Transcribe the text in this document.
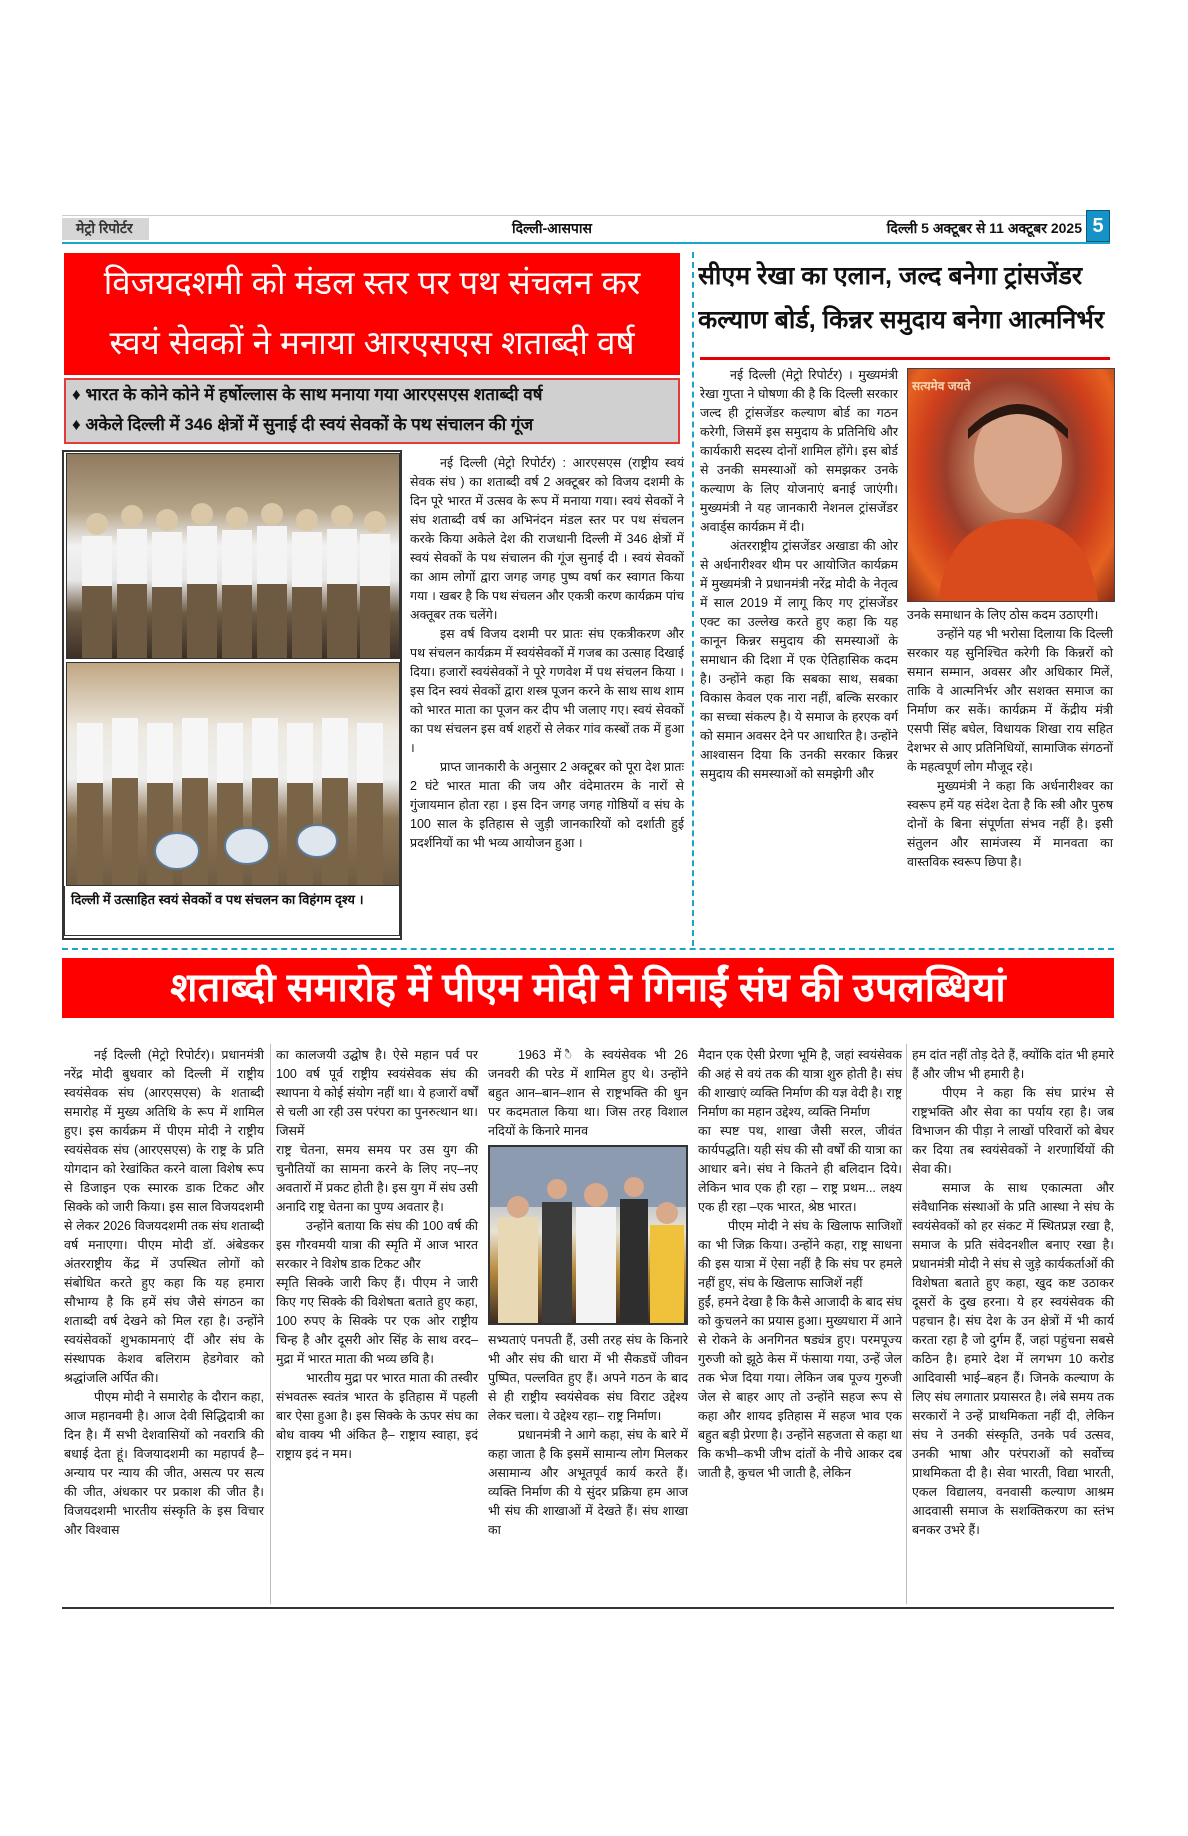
मेट्रो रिपोर्टर	दिल्ली-आसपास	दिल्ली 5 अक्टूबर से 11 अक्टूबर 2025 5
विजयदशमी को मंडल स्तर पर पथ संचलन कर
स्वयं सेवकों ने मनाया आरएसएस शताब्दी वर्ष
♦ भारत के कोने कोने में हर्षोल्लास के साथ मनाया गया आरएसएस शताब्दी वर्ष
♦ अकेले दिल्ली में 346 क्षेत्रों में सुनाई दी स्वयं सेवकों के पथ संचालन की गूंज
दिल्ली में उत्साहित स्वयं सेवकों व पथ संचलन का विहंगम दृश्य ।

नई दिल्ली (मेट्रो रिपोर्टर) : आरएसएस (राष्ट्रीय स्वयं सेवक संघ ) का शताब्दी वर्ष 2 अक्टूबर को विजय दशमी के दिन पूरे भारत में उत्सव के रूप में मनाया गया। स्वयं सेवकों ने संघ शताब्दी वर्ष का अभिनंदन मंडल स्तर पर पथ संचलन करके किया अकेले देश की राजधानी दिल्ली में 346 क्षेत्रों में स्वयं सेवकों के पथ संचालन की गूंज सुनाई दी । स्वयं सेवकों का आम लोगों द्वारा जगह जगह पुष्प वर्षा कर स्वागत किया गया । खबर है कि पथ संचलन और एकत्री करण कार्यक्रम पांच अक्तूबर तक चलेंगे।

इस वर्ष विजय दशमी पर प्रातः संघ एकत्रीकरण और पथ संचलन कार्यक्रम में स्वयंसेवकों में गजब का उत्साह दिखाई दिया। हजारों स्वयंसेवकों ने पूरे गणवेश में पथ संचलन किया । इस दिन स्वयं सेवकों द्वारा शस्त्र पूजन करने के साथ साथ शाम को भारत माता का पूजन कर दीप भी जलाए गए। स्वयं सेवकों का पथ संचलन इस वर्ष शहरों से लेकर गांव कस्बों तक में हुआ ।

प्राप्त जानकारी के अनुसार 2 अक्टूबर को पूरा देश प्रातः 2 घंटे भारत माता की जय और वंदेमातरम के नारों से गुंजायमान होता रहा । इस दिन जगह जगह गोष्ठियों व संघ के 100 साल के इतिहास से जुड़ी जानकारियों को दर्शाती हुई प्रदर्शनियों का भी भव्य आयोजन हुआ ।

सीएम रेखा का एलान, जल्द बनेगा ट्रांसजेंडर
कल्याण बोर्ड, किन्नर समुदाय बनेगा आत्मनिर्भर

नई दिल्ली (मेट्रो रिपोर्टर) । मुख्यमंत्री रेखा गुप्ता ने घोषणा की है कि दिल्ली सरकार जल्द ही ट्रांसजेंडर कल्याण बोर्ड का गठन करेगी, जिसमें इस समुदाय के प्रतिनिधि और कार्यकारी सदस्य दोनों शामिल होंगे। इस बोर्ड से उनकी समस्याओं को समझकर उनके कल्याण के लिए योजनाएं बनाई जाएंगी। मुख्यमंत्री ने यह जानकारी नेशनल ट्रांसजेंडर अवार्ड्स कार्यक्रम में दी।

अंतरराष्ट्रीय ट्रांसजेंडर अखाडा की ओर से अर्धनारीश्वर थीम पर आयोजित कार्यक्रम में मुख्यमंत्री ने प्रधानमंत्री नरेंद्र मोदी के नेतृत्व में साल 2019 में लागू किए गए ट्रांसजेंडर एक्ट का उल्लेख करते हुए कहा कि यह कानून किन्नर समुदाय की समस्याओं के समाधान की दिशा में एक ऐतिहासिक कदम है। उन्होंने कहा कि सबका साथ, सबका विकास केवल एक नारा नहीं, बल्कि सरकार का सच्चा संकल्प है। ये समाज के हरएक वर्ग को समान अवसर देने पर आधारित है। उन्होंने आश्वासन दिया कि उनकी सरकार किन्नर समुदाय की समस्याओं को समझेगी और

सत्यमेव जयते

उनके समाधान के लिए ठोस कदम उठाएगी।

उन्होंने यह भी भरोसा दिलाया कि दिल्ली सरकार यह सुनिश्चित करेगी कि किन्नरों को समान सम्मान, अवसर और अधिकार मिलें, ताकि वे आत्मनिर्भर और सशक्त समाज का निर्माण कर सकें। कार्यक्रम में केंद्रीय मंत्री एसपी सिंह बघेल, विधायक शिखा राय सहित देशभर से आए प्रतिनिधियों, सामाजिक संगठनों के महत्वपूर्ण लोग मौजूद रहे।

मुख्यमंत्री ने कहा कि अर्धनारीश्वर का स्वरूप हमें यह संदेश देता है कि स्त्री और पुरुष दोनों के बिना संपूर्णता संभव नहीं है। इसी संतुलन और सामंजस्य में मानवता का वास्तविक स्वरूप छिपा है।

शताब्दी समारोह में पीएम मोदी ने गिनाईं संघ की उपलब्धियां

नई दिल्ली (मेट्रो रिपोर्टर)। प्रधानमंत्री नरेंद्र मोदी बुधवार को दिल्ली में राष्ट्रीय स्वयंसेवक संघ (आरएसएस) के शताब्दी समारोह में मुख्य अतिथि के रूप में शामिल हुए। इस कार्यक्रम में पीएम मोदी ने राष्ट्रीय स्वयंसेवक संघ (आरएसएस) के राष्ट्र के प्रति योगदान को रेखांकित करने वाला विशेष रूप से डिजाइन एक स्मारक डाक टिकट और सिक्के को जारी किया। इस साल विजयदशमी से लेकर 2026 विजयदशमी तक संघ शताब्दी वर्ष मनाएगा। पीएम मोदी डॉ. अंबेडकर अंतरराष्ट्रीय केंद्र में उपस्थित लोगों को संबोधित करते हुए कहा कि यह हमारा सौभाग्य है कि हमें संघ जैसे संगठन का शताब्दी वर्ष देखने को मिल रहा है। उन्होंने स्वयंसेवकों शुभकामनाएं दीं और संघ के संस्थापक केशव बलिराम हेडगेवार को श्रद्धांजलि अर्पित की।

पीएम मोदी ने समारोह के दौरान कहा, आज महानवमी है। आज देवी सिद्धिदात्री का दिन है। मैं सभी देशवासियों को नवरात्रि की बधाई देता हूं। विजयादशमी का महापर्व है– अन्याय पर न्याय की जीत, असत्य पर सत्य की जीत, अंधकार पर प्रकाश की जीत है। विजयदशमी भारतीय संस्कृति के इस विचार और विश्वास

का कालजयी उद्घोष है। ऐसे महान पर्व पर 100 वर्ष पूर्व राष्ट्रीय स्वयंसेवक संघ की स्थापना ये कोई संयोग नहीं था। ये हजारों वर्षों से चली आ रही उस परंपरा का पुनरुत्थान था। जिसमें

राष्ट्र चेतना, समय समय पर उस युग की चुनौतियों का सामना करने के लिए नए–नए अवतारों में प्रकट होती है। इस युग में संघ उसी अनादि राष्ट्र चेतना का पुण्य अवतार है।

उन्होंने बताया कि संघ की 100 वर्ष की इस गौरवमयी यात्रा की स्मृति में आज भारत सरकार ने विशेष डाक टिकट और

स्मृति सिक्के जारी किए हैं। पीएम ने जारी किए गए सिक्के की विशेषता बताते हुए कहा, 100 रुपए के सिक्के पर एक ओर राष्ट्रीय चिन्ह है और दूसरी ओर सिंह के साथ वरद–मुद्रा में भारत माता की भव्य छवि है।

भारतीय मुद्रा पर भारत माता की तस्वीर संभवतरू स्वतंत्र भारत के इतिहास में पहली बार ऐसा हुआ है। इस सिक्के के ऊपर संघ का बोध वाक्य भी अंकित है– राष्ट्राय स्वाहा, इदं राष्ट्राय इदं न मम।

1963 में ै के स्वयंसेवक भी 26 जनवरी की परेड में शामिल हुए थे। उन्होंने बहुत आन–बान–शान से राष्ट्रभक्ति की धुन पर कदमताल किया था। जिस तरह विशाल नदियों के किनारे मानव

सभ्यताएं पनपती हैं, उसी तरह संघ के किनारे भी और संघ की धारा में भी सैकडघें जीवन पुष्पित, पल्लवित हुए हैं। अपने गठन के बाद से ही राष्ट्रीय स्वयंसेवक संघ विराट उद्देश्य लेकर चला। ये उद्देश्य रहा– राष्ट्र निर्माण।

प्रधानमंत्री ने आगे कहा, संघ के बारे में कहा जाता है कि इसमें सामान्य लोग मिलकर असामान्य और अभूतपूर्व कार्य करते हैं। व्यक्ति निर्माण की ये सुंदर प्रक्रिया हम आज भी संघ की शाखाओं में देखते हैं। संघ शाखा का

मैदान एक ऐसी प्रेरणा भूमि है, जहां स्वयंसेवक की अहं से वयं तक की यात्रा शुरु होती है। संघ की शाखाएं व्यक्ति निर्माण की यज्ञ वेदी है। राष्ट्र निर्माण का महान उद्देश्य, व्यक्ति निर्माण

का स्पष्ट पथ, शाखा जैसी सरल, जीवंत कार्यपद्धति। यही संघ की सौ वर्षों की यात्रा का आधार बने। संघ ने कितने ही बलिदान दिये। लेकिन भाव एक ही रहा – राष्ट्र प्रथम... लक्ष्य एक ही रहा –एक भारत, श्रेष्ठ भारत।

पीएम मोदी ने संघ के खिलाफ साजिशों का भी जिक्र किया। उन्होंने कहा, राष्ट्र साधना की इस यात्रा में ऐसा नहीं है कि संघ पर हमले नहीं हुए, संघ के खिलाफ साजिशें नहीं

हुईं, हमने देखा है कि कैसे आजादी के बाद संघ को कुचलने का प्रयास हुआ। मुख्यधारा में आने से रोकने के अनगिनत षड्यंत्र हुए। परमपूज्य गुरुजी को झूठे केस में फंसाया गया, उन्हें जेल तक भेज दिया गया। लेकिन जब पूज्य गुरुजी जेल से बाहर आए तो उन्होंने सहज रूप से कहा और शायद इतिहास में सहज भाव एक बहुत बड़ी प्रेरणा है। उन्होंने सहजता से कहा था कि कभी–कभी जीभ दांतों के नीचे आकर दब जाती है, कुचल भी जाती है, लेकिन

हम दांत नहीं तोड़ देते हैं, क्योंकि दांत भी हमारे हैं और जीभ भी हमारी है।

पीएम ने कहा कि संघ प्रारंभ से राष्ट्रभक्ति और सेवा का पर्याय रहा है। जब विभाजन की पीड़ा ने लाखों परिवारों को बेघर कर दिया तब स्वयंसेवकों ने शरणार्थियों की सेवा की।

समाज के साथ एकात्मता और संवैधानिक संस्थाओं के प्रति आस्था ने संघ के स्वयंसेवकों को हर संकट में स्थितप्रज्ञ रखा है, समाज के प्रति संवेदनशील बनाए रखा है। प्रधानमंत्री मोदी ने संघ से जुड़े कार्यकर्ताओं की विशेषता बताते हुए कहा, खुद कष्ट उठाकर दूसरों के दुख हरना। ये हर स्वयंसेवक की पहचान है। संघ देश के उन क्षेत्रों में भी कार्य करता रहा है जो दुर्गम हैं, जहां पहुंचना सबसे कठिन है। हमारे देश में लगभग 10 करोड आदिवासी भाई–बहन हैं। जिनके कल्याण के लिए संघ लगातार प्रयासरत है। लंबे समय तक सरकारों ने उन्हें प्राथमिकता नहीं दी, लेकिन संघ ने उनकी संस्कृति, उनके पर्व उत्सव, उनकी भाषा और परंपराओं को सर्वोच्च प्राथमिकता दी है। सेवा भारती, विद्या भारती, एकल विद्यालय, वनवासी कल्याण आश्रम आदवासी समाज के सशक्तिकरण का स्तंभ बनकर उभरे हैं।
